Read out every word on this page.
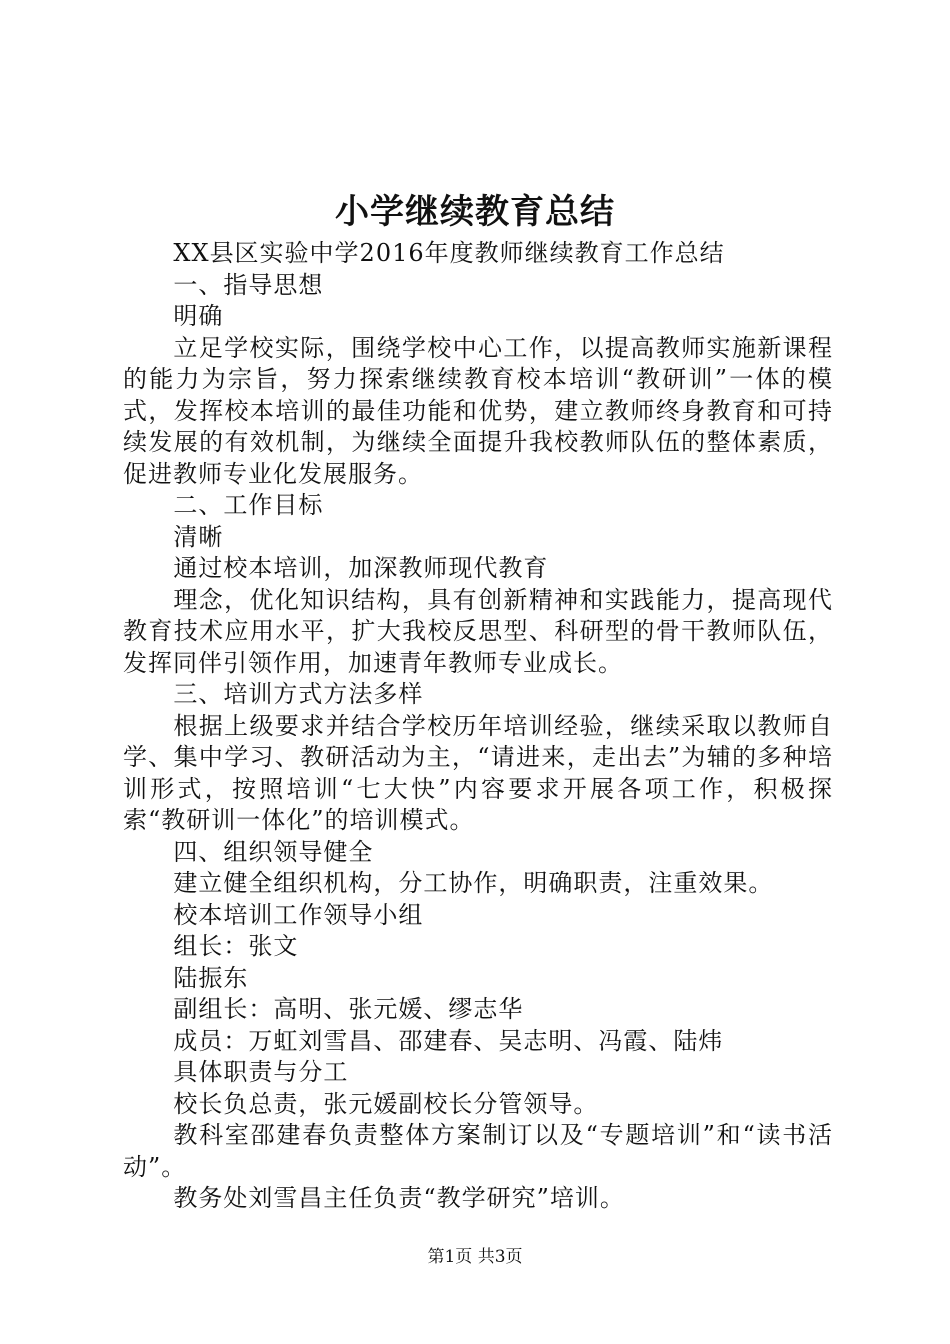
小学继续教育总结

XX县区实验中学2016年度教师继续教育工作总结

一、指导思想

明确

立足学校实际，围绕学校中心工作，以提高教师实施新课程的能力为宗旨，努力探索继续教育校本培训“教研训”一体的模式，发挥校本培训的最佳功能和优势，建立教师终身教育和可持续发展的有效机制，为继续全面提升我校教师队伍的整体素质，促进教师专业化发展服务。

二、工作目标

清晰

通过校本培训，加深教师现代教育

理念，优化知识结构，具有创新精神和实践能力，提高现代教育技术应用水平，扩大我校反思型、科研型的骨干教师队伍，发挥同伴引领作用，加速青年教师专业成长。

三、培训方式方法多样

根据上级要求并结合学校历年培训经验，继续采取以教师自学、集中学习、教研活动为主，“请进来，走出去”为辅的多种培训形式，按照培训“七大快”内容要求开展各项工作，积极探索“教研训一体化”的培训模式。

四、组织领导健全

建立健全组织机构，分工协作，明确职责，注重效果。

校本培训工作领导小组

组长：张文

陆振东

副组长：高明、张元媛、缪志华

成员：万虹刘雪昌、邵建春、吴志明、冯霞、陆炜

具体职责与分工

校长负总责，张元媛副校长分管领导。

教科室邵建春负责整体方案制订以及“专题培训”和“读书活动”。

教务处刘雪昌主任负责“教学研究”培训。

第1页 共3页
